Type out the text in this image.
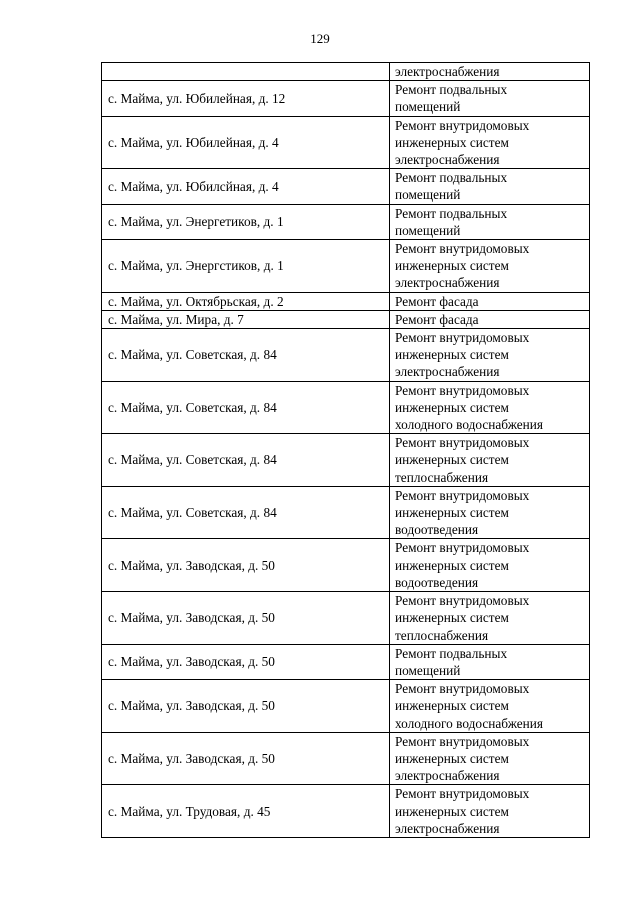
129

	электроснабжения

с. Майма, ул. Юбилейная, д. 12	Ремонт подвальных
помещений

с. Майма, ул. Юбилейная, д. 4	Ремонт внутридомовых
инженерных систем
электроснабжения

с. Майма, ул. Юбилсйная, д. 4	Ремонт подвальных
помещений

с. Майма, ул. Энергетиков, д. 1	Ремонт подвальных
помещений

с. Майма, ул. Энергстиков, д. 1	Ремонт внутридомовых
инженерных систем
электроснабжения

с. Майма, ул. Октябрьская, д. 2	Ремонт фасада

с. Майма, ул. Мира, д. 7	Ремонт фасада

с. Майма, ул. Советская, д. 84	Ремонт внутридомовых
инженерных систем
электроснабжения

с. Майма, ул. Советская, д. 84	Ремонт внутридомовых
инженерных систем
холодного водоснабжения

с. Майма, ул. Советская, д. 84	Ремонт внутридомовых
инженерных систем
теплоснабжения

с. Майма, ул. Советская, д. 84	Ремонт внутридомовых
инженерных систем
водоотведения

с. Майма, ул. Заводская, д. 50	Ремонт внутридомовых
инженерных систем
водоотведения

с. Майма, ул. Заводская, д. 50	Ремонт внутридомовых
инженерных систем
теплоснабжения

с. Майма, ул. Заводская, д. 50	Ремонт подвальных
помещений

с. Майма, ул. Заводская, д. 50	Ремонт внутридомовых
инженерных систем
холодного водоснабжения

с. Майма, ул. Заводская, д. 50	Ремонт внутридомовых
инженерных систем
электроснабжения

с. Майма, ул. Трудовая, д. 45	Ремонт внутридомовых
инженерных систем
электроснабжения
